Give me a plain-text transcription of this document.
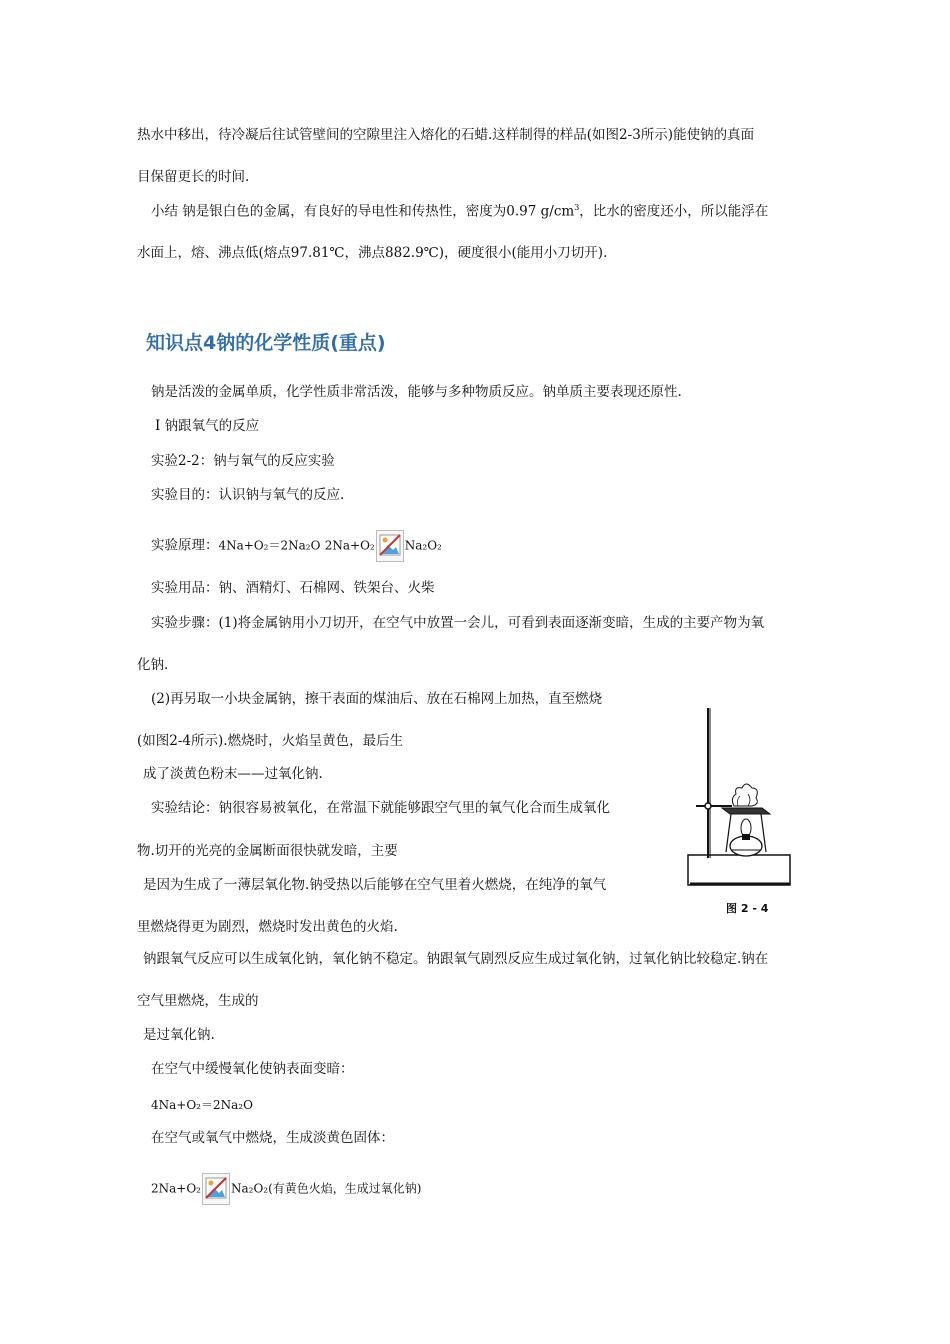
热水中移出，待冷凝后往试管壁间的空隙里注入熔化的石蜡.这样制得的样品(如图2-3所示)能使钠的真面
目保留更长的时间.
小结 钠是银白色的金属，有良好的导电性和传热性，密度为0.97 $g/cm^3$，比水的密度还小，所以能浮在
水面上，熔、沸点低(熔点97.81℃，沸点882.9℃)，硬度很小(能用小刀切开).
知识点4钠的化学性质(重点)
钠是活泼的金属单质，化学性质非常活泼，能够与多种物质反应。钠单质主要表现还原性.
Ⅰ 钠跟氧气的反应
实验2-2：钠与氧气的反应实验
实验目的：认识钠与氧气的反应.
实验原理：4Na+O₂＝2Na₂O 2Na+O₂	Na₂O₂
实验用品：钠、酒精灯、石棉网、铁架台、火柴
实验步骤：(1)将金属钠用小刀切开，在空气中放置一会儿，可看到表面逐渐变暗，生成的主要产物为氧
化钠.
(2)再另取一小块金属钠，擦干表面的煤油后、放在石棉网上加热，直至燃烧
(如图2-4所示).燃烧时，火焰呈黄色，最后生
成了淡黄色粉末——过氧化钠.
实验结论：钠很容易被氧化，在常温下就能够跟空气里的氧气化合而生成氧化
物.切开的光亮的金属断面很快就发暗，主要
是因为生成了一薄层氧化物.钠受热以后能够在空气里着火燃烧，在纯净的氧气
里燃烧得更为剧烈，燃烧时发出黄色的火焰.
图 2 - 4
钠跟氧气反应可以生成氧化钠，氧化钠不稳定。钠跟氧气剧烈反应生成过氧化钠，过氧化钠比较稳定.钠在
空气里燃烧，生成的
是过氧化钠.
在空气中缓慢氧化使钠表面变暗：
4Na+O₂＝2Na₂O
在空气或氧气中燃烧，生成淡黄色固体：
2Na+O₂	Na₂O₂(有黄色火焰，生成过氧化钠)
